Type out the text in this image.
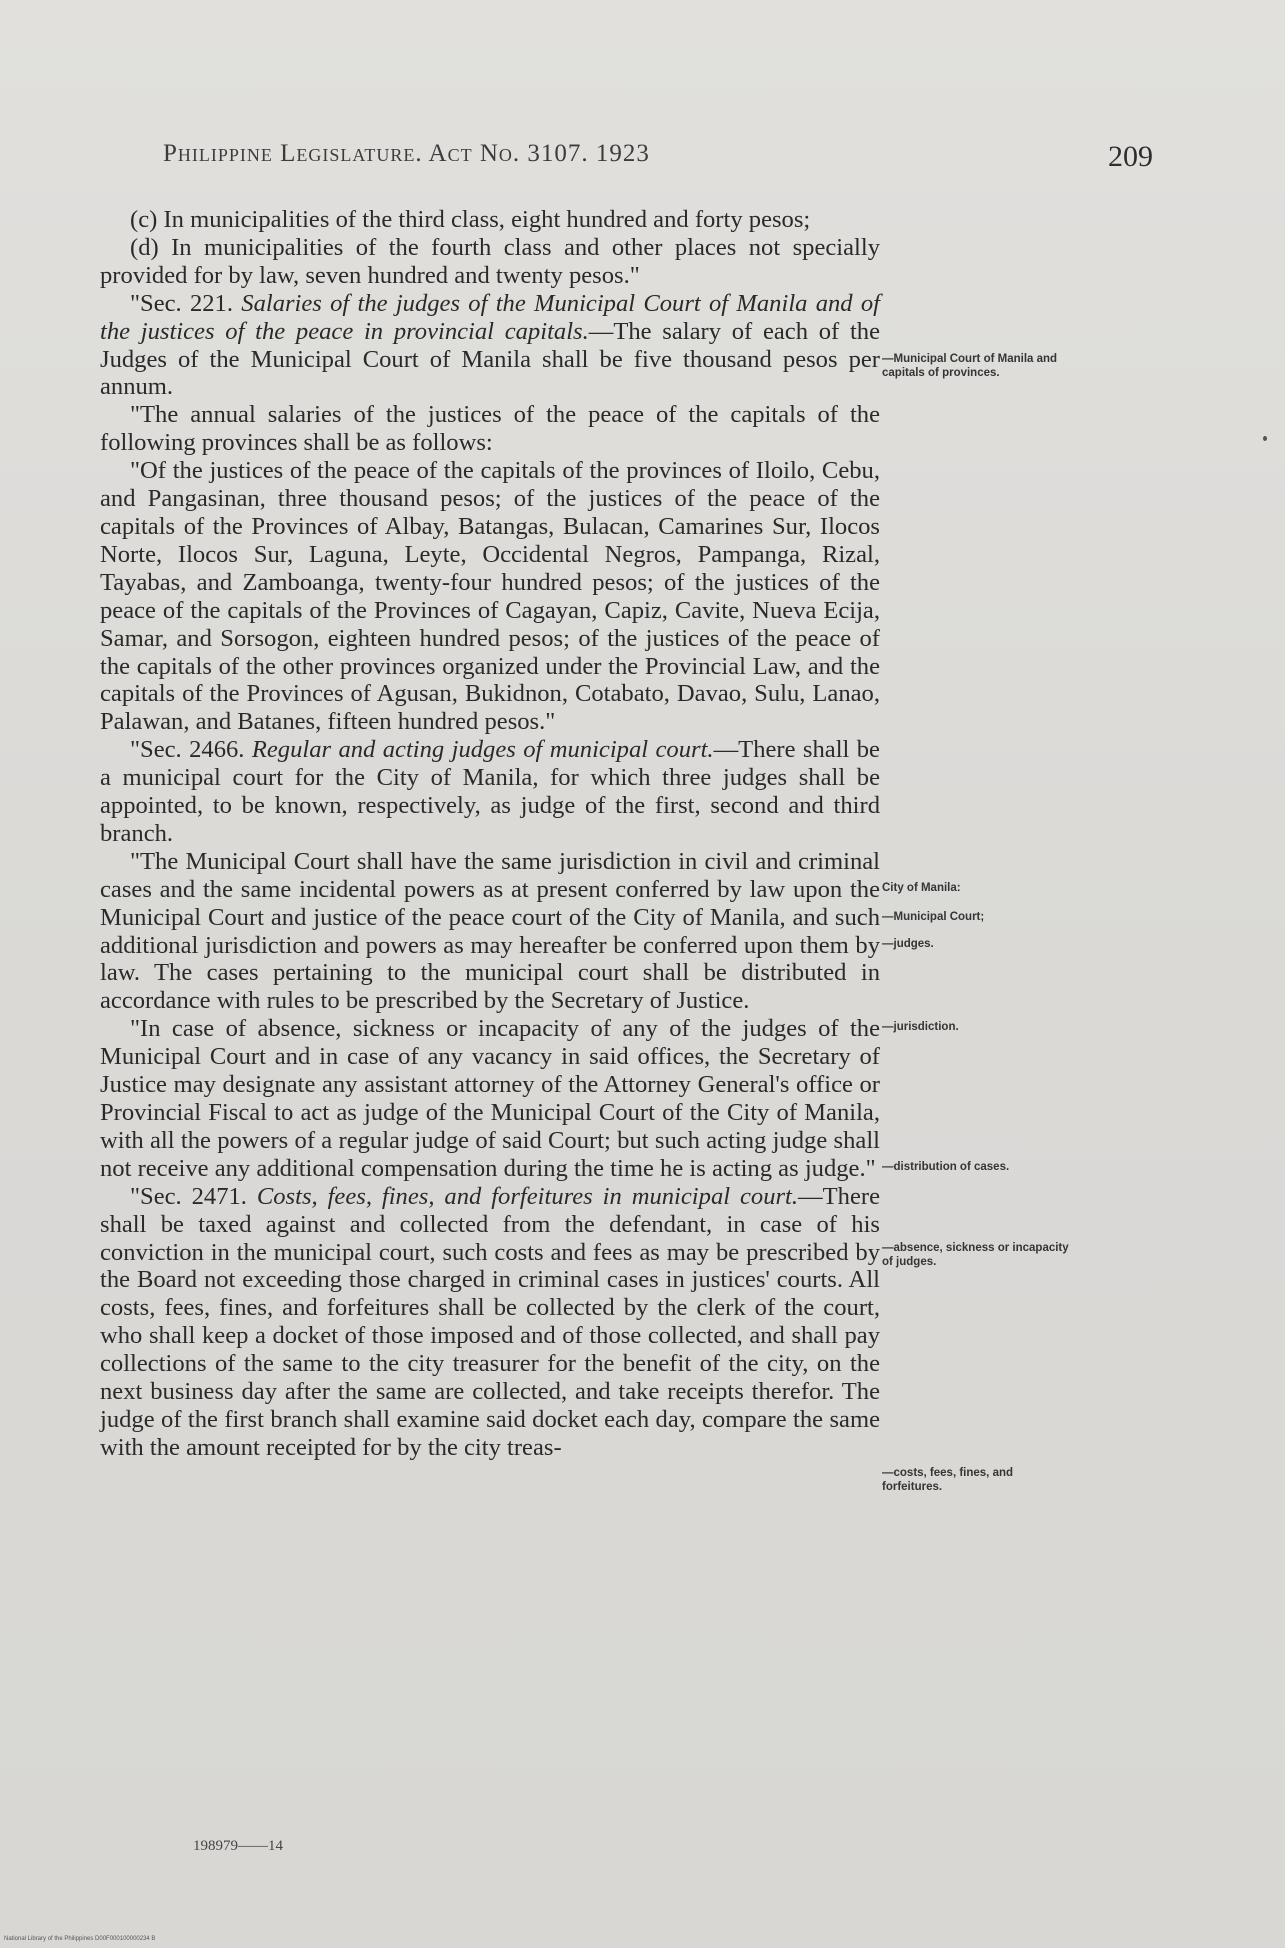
Philippine Legislature. Act No. 3107. 1923	209

(c) In municipalities of the third class, eight hundred and forty pesos;

(d) In municipalities of the fourth class and other places not specially provided for by law, seven hundred and twenty pesos."

"Sec. 221. Salaries of the judges of the Municipal Court of Manila and of the justices of the peace in provincial capitals.—The salary of each of the Judges of the Municipal Court of Manila shall be five thousand pesos per annum.

"The annual salaries of the justices of the peace of the capitals of the following provinces shall be as follows:

"Of the justices of the peace of the capitals of the provinces of Iloilo, Cebu, and Pangasinan, three thousand pesos; of the justices of the peace of the capitals of the Provinces of Albay, Batangas, Bulacan, Camarines Sur, Ilocos Norte, Ilocos Sur, Laguna, Leyte, Occidental Negros, Pampanga, Rizal, Tayabas, and Zamboanga, twenty-four hundred pesos; of the justices of the peace of the capitals of the Provinces of Cagayan, Capiz, Cavite, Nueva Ecija, Samar, and Sorsogon, eighteen hundred pesos; of the justices of the peace of the capitals of the other provinces organized under the Provincial Law, and the capitals of the Provinces of Agusan, Bukidnon, Cotabato, Davao, Sulu, Lanao, Palawan, and Batanes, fifteen hundred pesos."

"Sec. 2466. Regular and acting judges of municipal court.—There shall be a municipal court for the City of Manila, for which three judges shall be appointed, to be known, respectively, as judge of the first, second and third branch.

"The Municipal Court shall have the same jurisdiction in civil and criminal cases and the same incidental powers as at present conferred by law upon the Municipal Court and justice of the peace court of the City of Manila, and such additional jurisdiction and powers as may hereafter be conferred upon them by law. The cases pertaining to the municipal court shall be distributed in accordance with rules to be prescribed by the Secretary of Justice.

"In case of absence, sickness or incapacity of any of the judges of the Municipal Court and in case of any vacancy in said offices, the Secretary of Justice may designate any assistant attorney of the Attorney General's office or Provincial Fiscal to act as judge of the Municipal Court of the City of Manila, with all the powers of a regular judge of said Court; but such acting judge shall not receive any additional compensation during the time he is acting as judge."

"Sec. 2471. Costs, fees, fines, and forfeitures in municipal court.—There shall be taxed against and collected from the defendant, in case of his conviction in the municipal court, such costs and fees as may be prescribed by the Board not exceeding those charged in criminal cases in justices' courts. All costs, fees, fines, and forfeitures shall be collected by the clerk of the court, who shall keep a docket of those imposed and of those collected, and shall pay collections of the same to the city treasurer for the benefit of the city, on the next business day after the same are collected, and take receipts therefor. The judge of the first branch shall examine said docket each day, compare the same with the amount receipted for by the city treas-

—Municipal Court of Manila and capitals of provinces.
City of Manila:
—Municipal Court;
—judges.
—jurisdiction.
—distribution of cases.
—absence, sickness or incapacity of judges.
—costs, fees, fines, and forfeitures.
198979——14
National Library of the Philippines D00F000100000234 B
